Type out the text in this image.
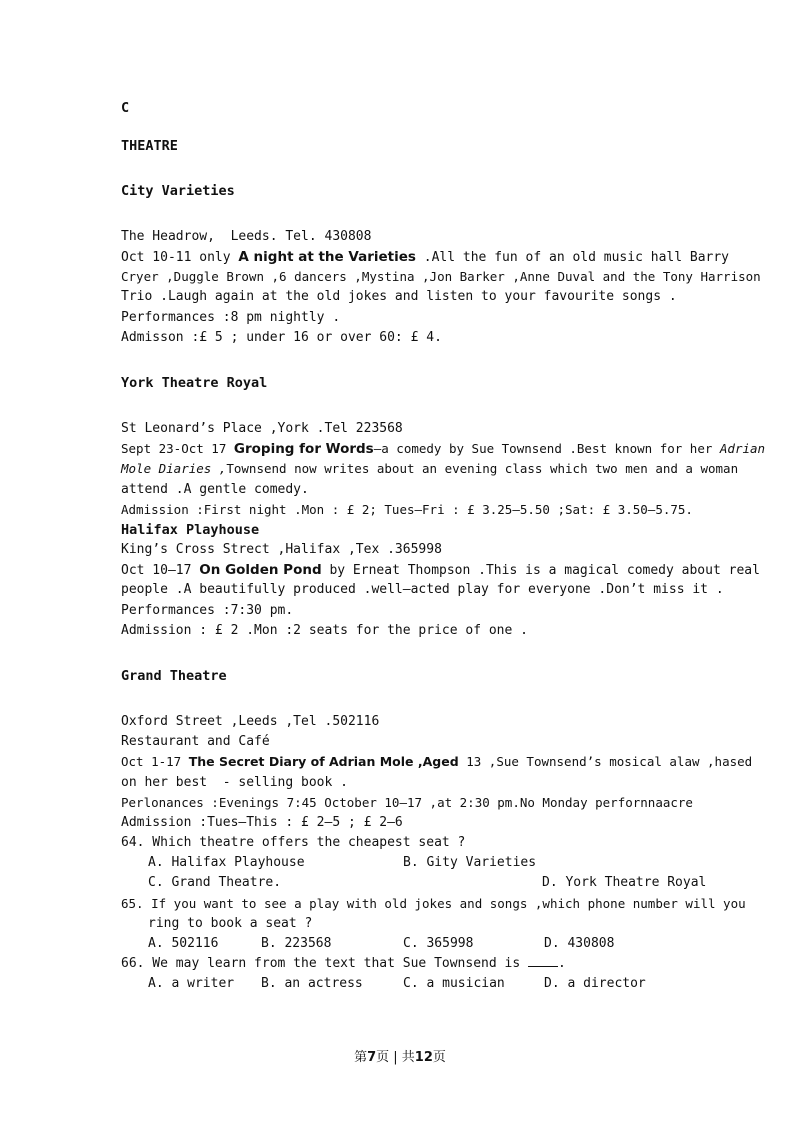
C
THEATRE
City Varieties
The Headrow,  Leeds. Tel. 430808
Oct 10-11 only A night at the Varieties .All the fun of an old music hall Barry
Cryer ,Duggle Brown ,6 dancers ,Mystina ,Jon Barker ,Anne Duval and the Tony Harrison
Trio .Laugh again at the old jokes and listen to your favourite songs .
Performances :8 pm nightly .
Admisson :£ 5 ; under 16 or over 60: £ 4.
York Theatre Royal
St Leonard’s Place ,York .Tel 223568
Sept 23-Oct 17 Groping for Words—a comedy by Sue Townsend .Best known for her Adrian
Mole Diaries ,Townsend now writes about an evening class which two men and a woman
attend .A gentle comedy.
Admission :First night .Mon : £ 2; Tues—Fri : £ 3.25—5.50 ;Sat: £ 3.50—5.75.
Halifax Playhouse
King’s Cross Strect ,Halifax ,Tex .365998
Oct 10—17 On Golden Pond by Erneat Thompson .This is a magical comedy about real
people .A beautifully produced .well—acted play for everyone .Don’t miss it .
Performances :7:30 pm.
Admission : £ 2 .Mon :2 seats for the price of one .
Grand Theatre
Oxford Street ,Leeds ,Tel .502116
Restaurant and Café
Oct 1-17 The Secret Diary of Adrian Mole ,Aged 13 ,Sue Townsend’s mosical alaw ,hased
on her best  - selling book .
Perlonances :Evenings 7:45 October 10—17 ,at 2:30 pm.No Monday perfornnaacre
Admission :Tues—This : £ 2—5 ; £ 2—6
64. Which theatre offers the cheapest seat ?
A. Halifax Playhouse	B. Gity Varieties
C. Grand Theatre.	D. York Theatre Royal
65. If you want to see a play with old jokes and songs ,which phone number will you
ring to book a seat ?
A. 502116	B. 223568	C. 365998	D. 430808
66. We may learn from the text that Sue Townsend is .
A. a writer B. an actress	C. a musician	D. a director
第7页 | 共12页
